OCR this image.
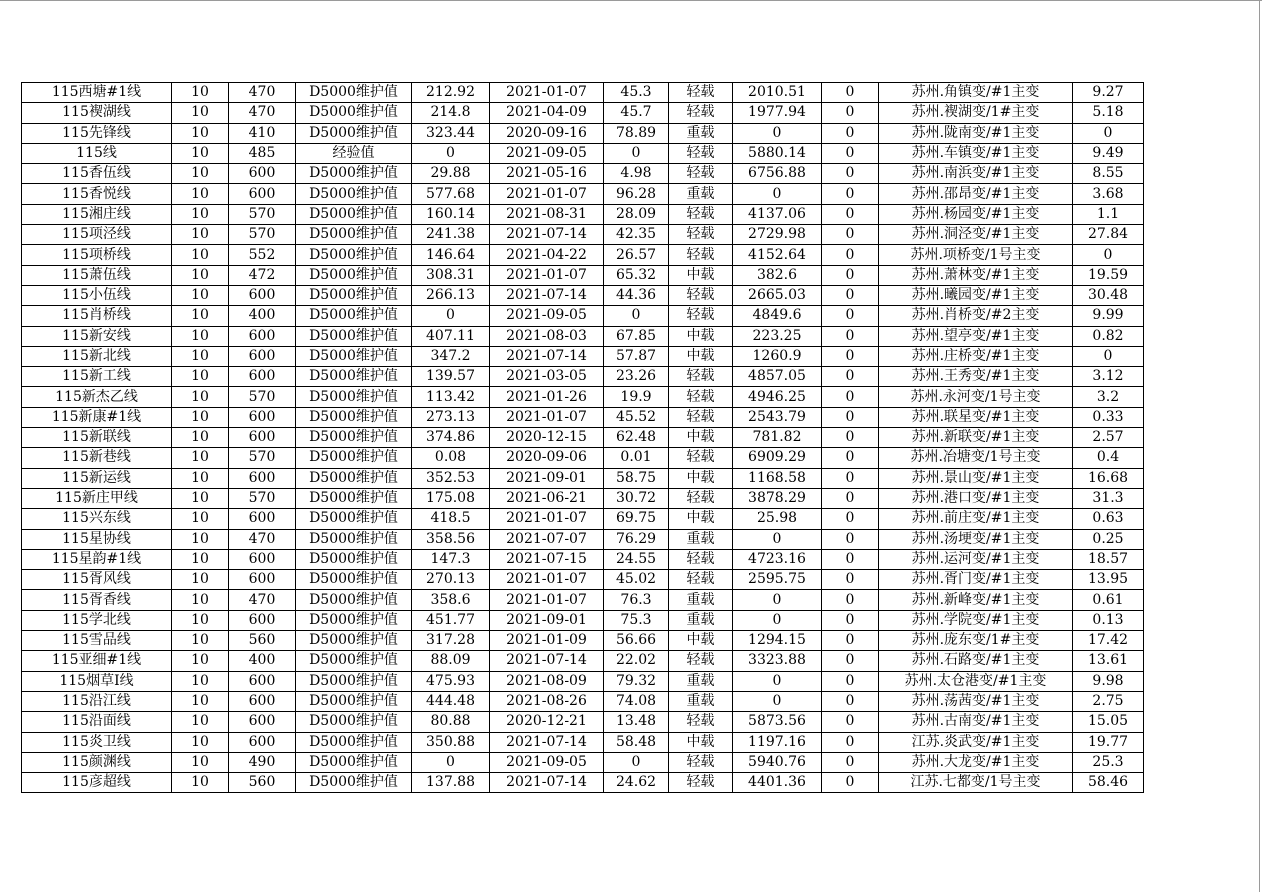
115西塘#1线	10	470	D5000维护值	212.92	2021-01-07	45.3	轻载	2010.51	0	苏州.角镇变/#1主变	9.27
115褉湖线	10	470	D5000维护值	214.8	2021-04-09	45.7	轻载	1977.94	0	苏州.褉湖变/1#主变	5.18
115先锋线	10	410	D5000维护值	323.44	2020-09-16	78.89	重载	0	0	苏州.陇南变/#1主变	0
115线	10	485	经验值	0	2021-09-05	0	轻载	5880.14	0	苏州.车镇变/#1主变	9.49
115香伍线	10	600	D5000维护值	29.88	2021-05-16	4.98	轻载	6756.88	0	苏州.南浜变/#1主变	8.55
115香悦线	10	600	D5000维护值	577.68	2021-01-07	96.28	重载	0	0	苏州.邵昂变/#1主变	3.68
115湘庄线	10	570	D5000维护值	160.14	2021-08-31	28.09	轻载	4137.06	0	苏州.杨园变/#1主变	1.1
115项泾线	10	570	D5000维护值	241.38	2021-07-14	42.35	轻载	2729.98	0	苏州.洞泾变/#1主变	27.84
115项桥线	10	552	D5000维护值	146.64	2021-04-22	26.57	轻载	4152.64	0	苏州.项桥变/1号主变	0
115萧伍线	10	472	D5000维护值	308.31	2021-01-07	65.32	中载	382.6	0	苏州.萧林变/#1主变	19.59
115小伍线	10	600	D5000维护值	266.13	2021-07-14	44.36	轻载	2665.03	0	苏州.曦园变/#1主变	30.48
115肖桥线	10	400	D5000维护值	0	2021-09-05	0	轻载	4849.6	0	苏州.肖桥变/#2主变	9.99
115新安线	10	600	D5000维护值	407.11	2021-08-03	67.85	中载	223.25	0	苏州.望亭变/#1主变	0.82
115新北线	10	600	D5000维护值	347.2	2021-07-14	57.87	中载	1260.9	0	苏州.庄桥变/#1主变	0
115新工线	10	600	D5000维护值	139.57	2021-03-05	23.26	轻载	4857.05	0	苏州.王秀变/#1主变	3.12
115新杰乙线	10	570	D5000维护值	113.42	2021-01-26	19.9	轻载	4946.25	0	苏州.永河变/1号主变	3.2
115新康#1线	10	600	D5000维护值	273.13	2021-01-07	45.52	轻载	2543.79	0	苏州.联星变/#1主变	0.33
115新联线	10	600	D5000维护值	374.86	2020-12-15	62.48	中载	781.82	0	苏州.新联变/#1主变	2.57
115新巷线	10	570	D5000维护值	0.08	2020-09-06	0.01	轻载	6909.29	0	苏州.冶塘变/1号主变	0.4
115新运线	10	600	D5000维护值	352.53	2021-09-01	58.75	中载	1168.58	0	苏州.景山变/#1主变	16.68
115新庄甲线	10	570	D5000维护值	175.08	2021-06-21	30.72	轻载	3878.29	0	苏州.港口变/#1主变	31.3
115兴东线	10	600	D5000维护值	418.5	2021-01-07	69.75	中载	25.98	0	苏州.前庄变/#1主变	0.63
115星协线	10	470	D5000维护值	358.56	2021-07-07	76.29	重载	0	0	苏州.汤埂变/#1主变	0.25
115星韵#1线	10	600	D5000维护值	147.3	2021-07-15	24.55	轻载	4723.16	0	苏州.运河变/#1主变	18.57
115胥风线	10	600	D5000维护值	270.13	2021-01-07	45.02	轻载	2595.75	0	苏州.胥门变/#1主变	13.95
115胥香线	10	470	D5000维护值	358.6	2021-01-07	76.3	重载	0	0	苏州.新峰变/#1主变	0.61
115学北线	10	600	D5000维护值	451.77	2021-09-01	75.3	重载	0	0	苏州.学院变/#1主变	0.13
115雪品线	10	560	D5000维护值	317.28	2021-01-09	56.66	中载	1294.15	0	苏州.庞东变/1#主变	17.42
115亚细#1线	10	400	D5000维护值	88.09	2021-07-14	22.02	轻载	3323.88	0	苏州.石路变/#1主变	13.61
115烟草Ⅰ线	10	600	D5000维护值	475.93	2021-08-09	79.32	重载	0	0	苏州.太仓港变/#1主变	9.98
115沿江线	10	600	D5000维护值	444.48	2021-08-26	74.08	重载	0	0	苏州.荡茜变/#1主变	2.75
115沿面线	10	600	D5000维护值	80.88	2020-12-21	13.48	轻载	5873.56	0	苏州.古南变/#1主变	15.05
115炎卫线	10	600	D5000维护值	350.88	2021-07-14	58.48	中载	1197.16	0	江苏.炎武变/#1主变	19.77
115颜渊线	10	490	D5000维护值	0	2021-09-05	0	轻载	5940.76	0	苏州.大龙变/#1主变	25.3
115彦超线	10	560	D5000维护值	137.88	2021-07-14	24.62	轻载	4401.36	0	江苏.七都变/1号主变	58.46
